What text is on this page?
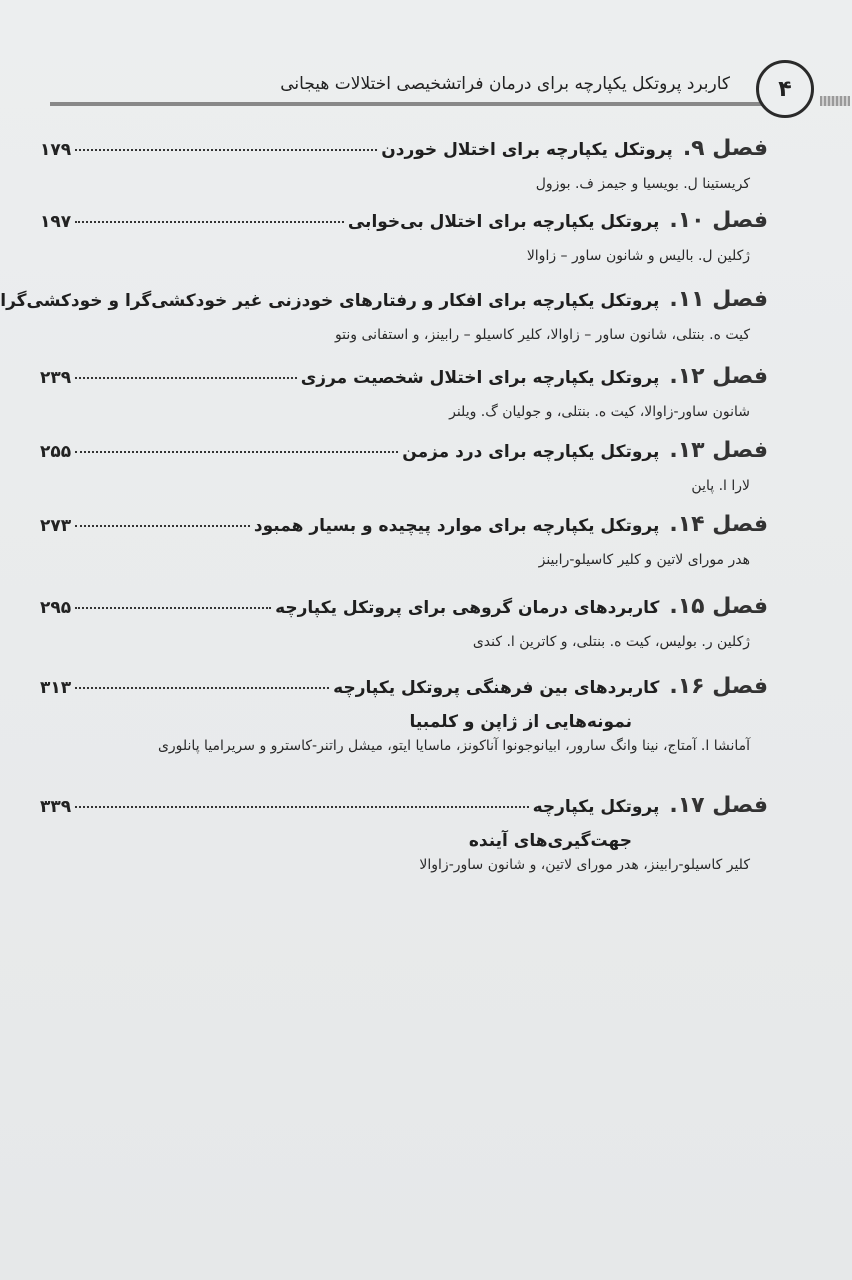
کاربرد پروتکل یکپارچه برای درمان فراتشخیصی اختلالات هیجانی ۴
فصل ۹.
پروتکل یکپارچه برای اختلال خوردن
۱۷۹
کریستینا ل. بویسیا و جیمز ف. بوزول
فصل ۱۰.
پروتکل یکپارچه برای اختلال بی‌خوابی
۱۹۷
ژکلین ل. بالیس و شانون ساور – زاوالا
فصل ۱۱.
پروتکل یکپارچه برای افکار و رفتارهای خودزنی غیر خودکشی‌گرا و خودکشی‌گرا
کیت ه. بنتلی، شانون ساور – زاوالا، کلیر کاسیلو – رابینز، و استفانی ونتو
فصل ۱۲.
پروتکل یکپارچه برای اختلال شخصیت مرزی
۲۳۹
شانون ساور-زاوالا، کیت ه. بنتلی، و جولیان گ. ویلنر
فصل ۱۳.
پروتکل یکپارچه برای درد مزمن
۲۵۵
لارا ا. پاین
فصل ۱۴.
پروتکل یکپارچه برای موارد پیچیده و بسیار همبود
۲۷۳
هدر مورای لاتین و کلیر کاسیلو-رابینز
فصل ۱۵.
کاربردهای درمان گروهی برای پروتکل یکپارچه
۲۹۵
ژکلین ر. بولیس، کیت ه. بنتلی، و کاترین ا. کندی
فصل ۱۶.
کاربردهای بین فرهنگی پروتکل یکپارچه
۳۱۳
نمونه‌هایی از ژاپن و کلمبیا
آمانشا ا. آمتاج، نینا وانگ سارور، ابیانوجونوا آناکونز، ماسایا ایتو، میشل راتنر-کاسترو و سریرامیا پانلوری
فصل ۱۷.
پروتکل یکپارچه
۳۳۹
جهت‌گیری‌های آینده
کلیر کاسیلو-رابینز، هدر مورای لاتین، و شانون ساور-زاوالا
